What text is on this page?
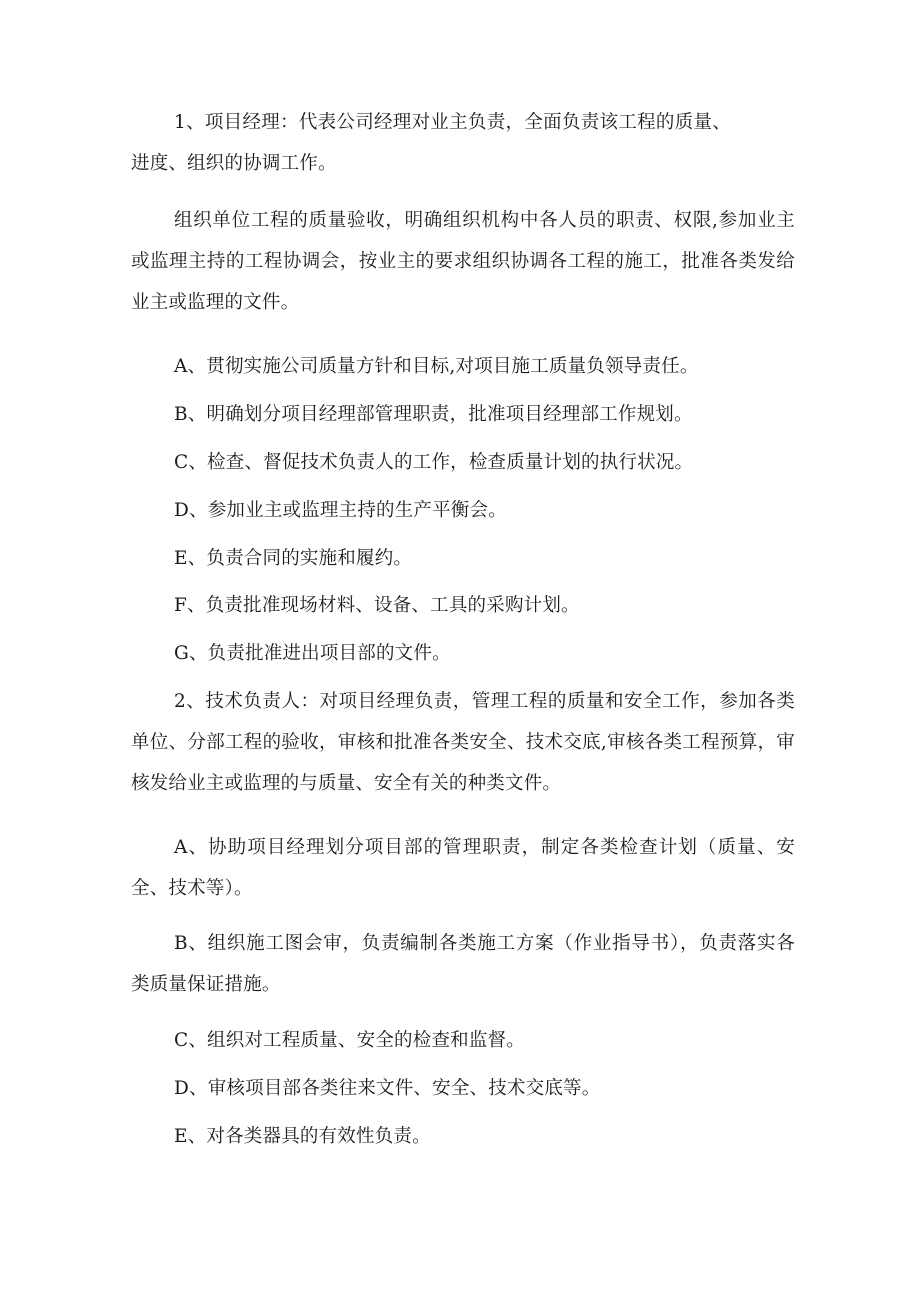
1、项目经理：代表公司经理对业主负责，全面负责该工程的质量、进度、组织的协调工作。

组织单位工程的质量验收，明确组织机构中各人员的职责、权限,参加业主或监理主持的工程协调会，按业主的要求组织协调各工程的施工，批准各类发给业主或监理的文件。

A、贯彻实施公司质量方针和目标,对项目施工质量负领导责任。

B、明确划分项目经理部管理职责，批准项目经理部工作规划。

C、检查、督促技术负责人的工作，检查质量计划的执行状况。

D、参加业主或监理主持的生产平衡会。

E、负责合同的实施和履约。

F、负责批准现场材料、设备、工具的采购计划。

G、负责批准进出项目部的文件。

2、技术负责人：对项目经理负责，管理工程的质量和安全工作，参加各类单位、分部工程的验收，审核和批准各类安全、技术交底,审核各类工程预算，审核发给业主或监理的与质量、安全有关的种类文件。

A、协助项目经理划分项目部的管理职责，制定各类检查计划（质量、安全、技术等）。

B、组织施工图会审，负责编制各类施工方案（作业指导书），负责落实各类质量保证措施。

C、组织对工程质量、安全的检查和监督。

D、审核项目部各类往来文件、安全、技术交底等。

E、对各类器具的有效性负责。
